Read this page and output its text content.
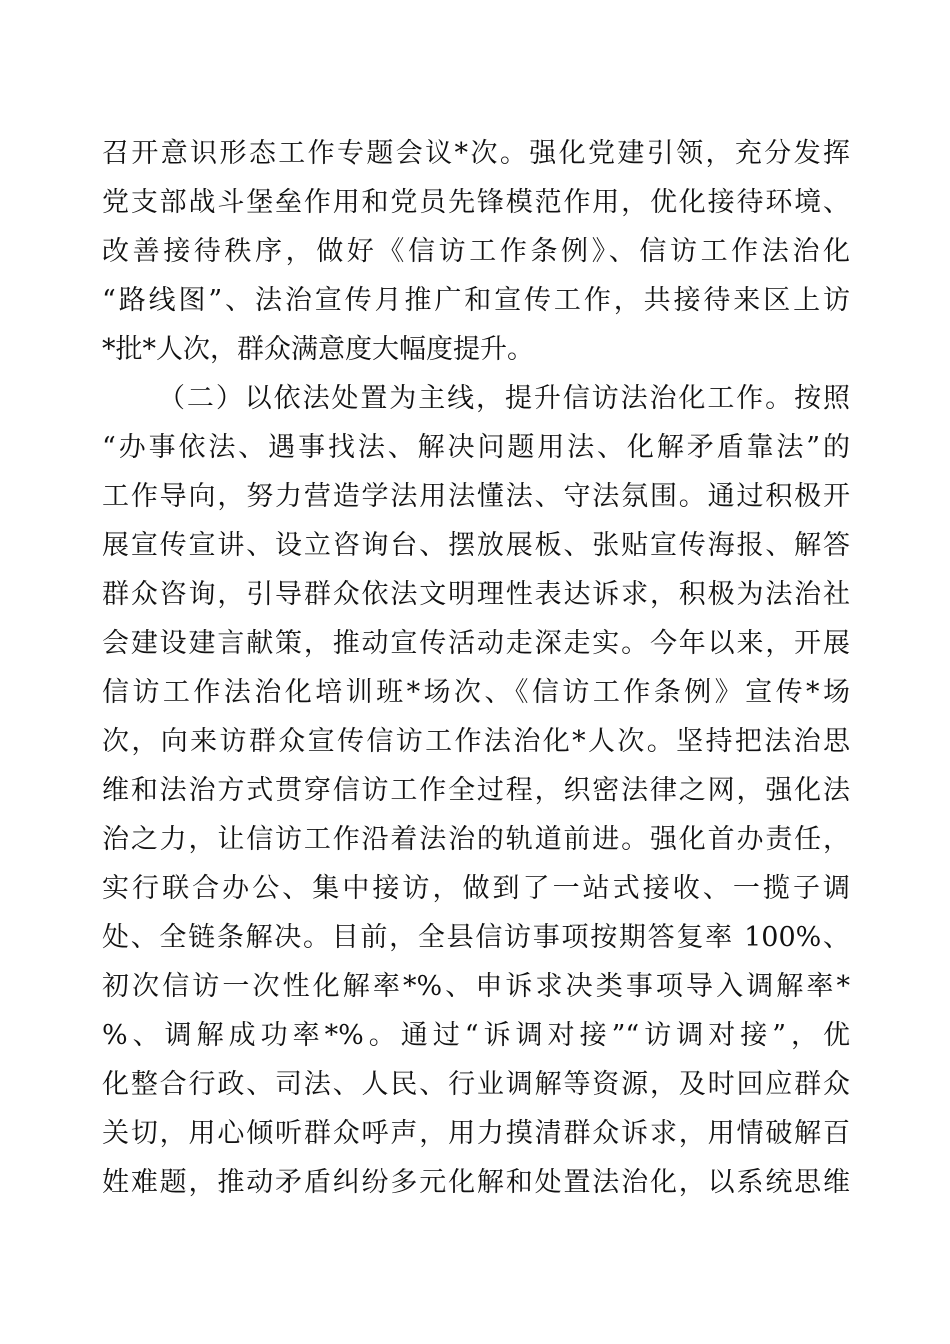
召开意识形态工作专题会议*次。强化党建引领，充分发挥
党支部战斗堡垒作用和党员先锋模范作用，优化接待环境、
改善接待秩序，做好《信访工作条例》、信访工作法治化
“路线图”、法治宣传月推广和宣传工作，共接待来区上访
*批*人次，群众满意度大幅度提升。
（二）以依法处置为主线，提升信访法治化工作。按照
“办事依法、遇事找法、解决问题用法、化解矛盾靠法”的
工作导向，努力营造学法用法懂法、守法氛围。通过积极开
展宣传宣讲、设立咨询台、摆放展板、张贴宣传海报、解答
群众咨询，引导群众依法文明理性表达诉求，积极为法治社
会建设建言献策，推动宣传活动走深走实。今年以来，开展
信访工作法治化培训班*场次、《信访工作条例》宣传*场
次，向来访群众宣传信访工作法治化*人次。坚持把法治思
维和法治方式贯穿信访工作全过程，织密法律之网，强化法
治之力，让信访工作沿着法治的轨道前进。强化首办责任，
实行联合办公、集中接访，做到了一站式接收、一揽子调
处、全链条解决。目前，全县信访事项按期答复率 100%、
初次信访一次性化解率*%、申诉求决类事项导入调解率*
%、调解成功率*%。通过“诉调对接”“访调对接”，优
化整合行政、司法、人民、行业调解等资源，及时回应群众
关切，用心倾听群众呼声，用力摸清群众诉求，用情破解百
姓难题，推动矛盾纠纷多元化解和处置法治化，以系统思维
